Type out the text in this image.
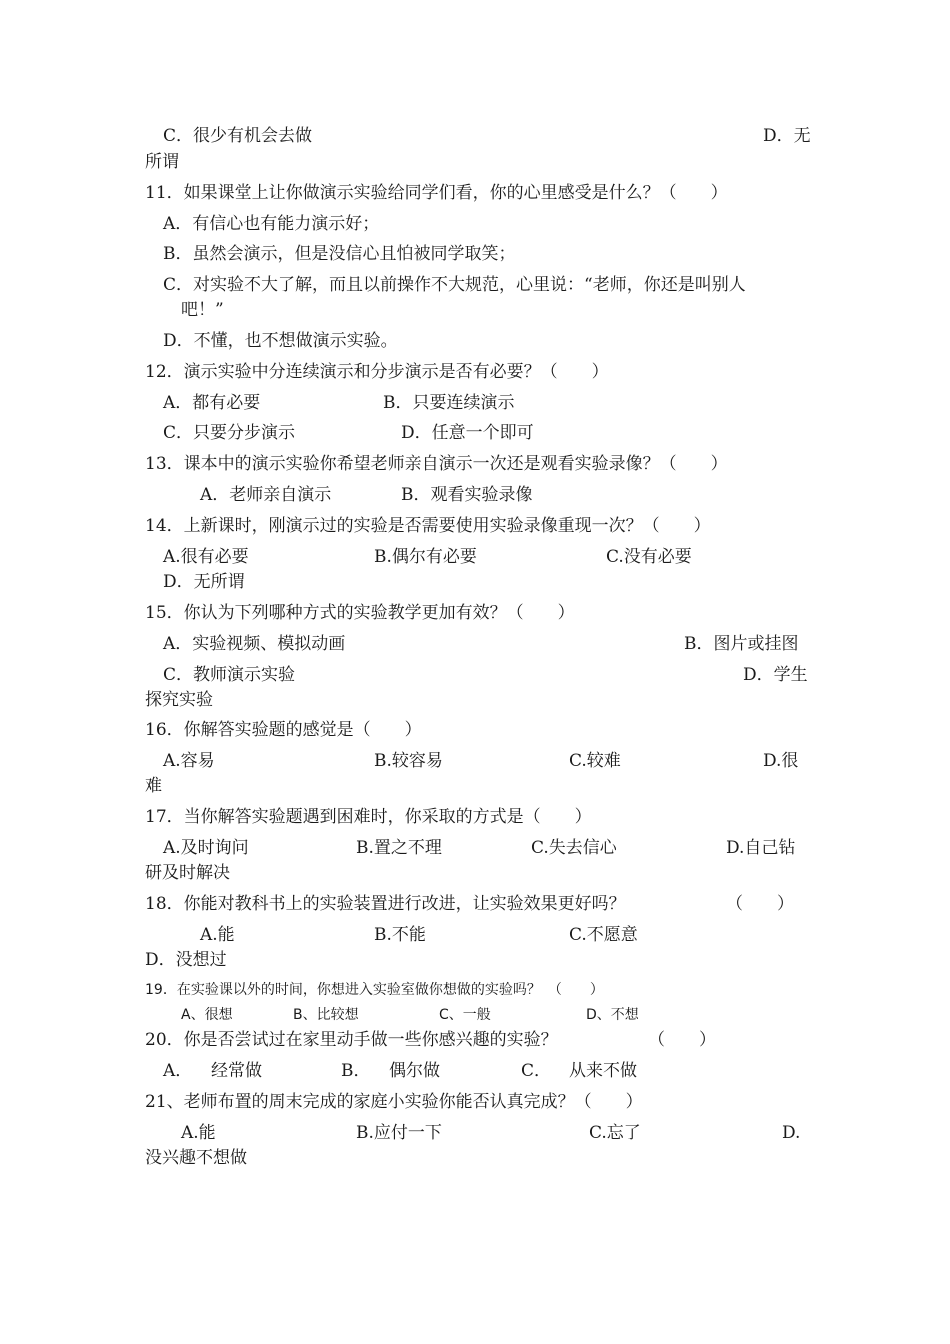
C．很少有机会去做	D．无
所谓
11．如果课堂上让你做演示实验给同学们看，你的心里感受是什么？（　　）
A．有信心也有能力演示好；
B．虽然会演示，但是没信心且怕被同学取笑；
C．对实验不大了解，而且以前操作不大规范，心里说：“老师，你还是叫别人
吧！”
D．不懂，也不想做演示实验。
12．演示实验中分连续演示和分步演示是否有必要？（　　）
A．都有必要	B．只要连续演示
C．只要分步演示	D．任意一个即可
13．课本中的演示实验你希望老师亲自演示一次还是观看实验录像？（　　）
A．老师亲自演示	B．观看实验录像
14．上新课时，刚演示过的实验是否需要使用实验录像重现一次？（　　）
A.很有必要	B.偶尔有必要	C.没有必要
D．无所谓
15．你认为下列哪种方式的实验教学更加有效？（　　）
A．实验视频、模拟动画	B．图片或挂图
C．教师演示实验	D．学生
探究实验
16．你解答实验题的感觉是（　　）
A.容易	B.较容易	C.较难	D.很
难
17．当你解答实验题遇到困难时，你采取的方式是（　　）
A.及时询问	B.置之不理	C.失去信心	D.自己钻
研及时解决
18．你能对教科书上的实验装置进行改进，让实验效果更好吗？	（　　）
A.能	B.不能	C.不愿意
D．没想过
19．在实验课以外的时间，你想进入实验室做你想做的实验吗？　（　　）
A、很想	B、比较想	C、一般	D、不想
20．你是否尝试过在家里动手做一些你感兴趣的实验？	（　　）
A． 经常做	B． 偶尔做	C． 从来不做
21、老师布置的周末完成的家庭小实验你能否认真完成？（　　）
A.能	B.应付一下	C.忘了	D.
没兴趣不想做
